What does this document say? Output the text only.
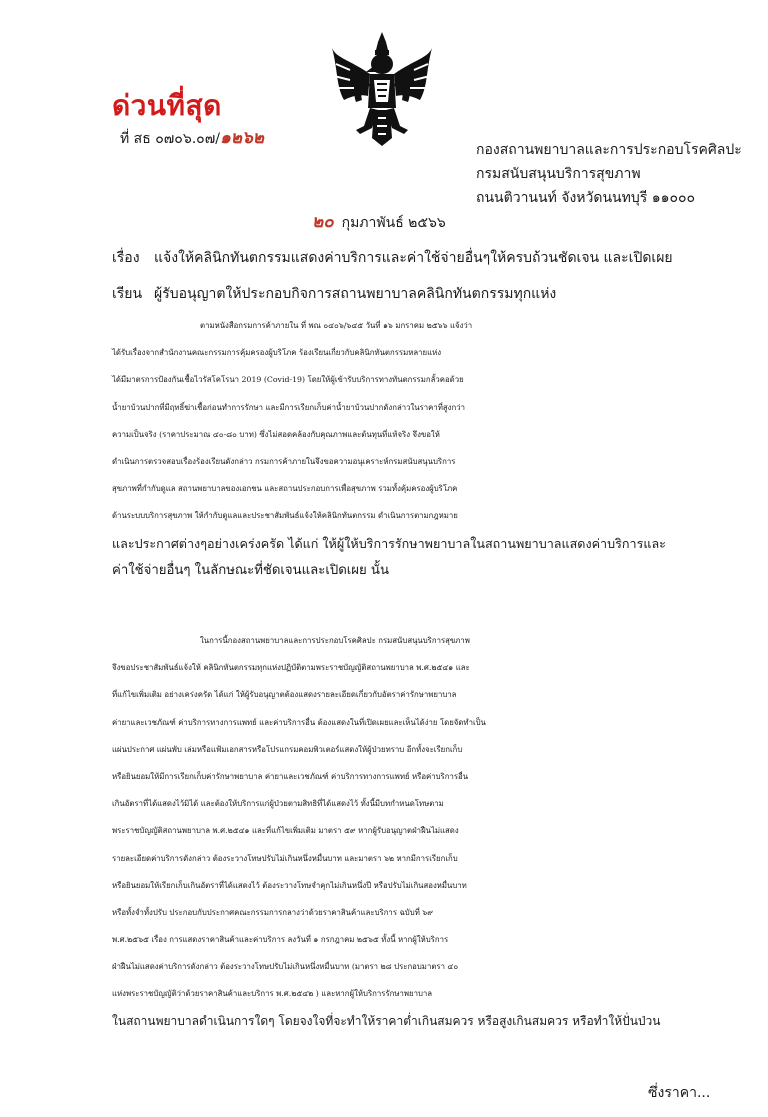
ด่วนที่สุด
ที่ สธ ๐๗๐๖.๐๗/๑๒๖๒
กองสถานพยาบาลและการประกอบโรคศิลปะ
กรมสนับสนุนบริการสุขภาพ
ถนนติวานนท์ จังหวัดนนทบุรี ๑๑๐๐๐
๒๐ กุมภาพันธ์ ๒๕๖๖
เรื่อง แจ้งให้คลินิกทันตกรรมแสดงค่าบริการและค่าใช้จ่ายอื่นๆให้ครบถ้วนชัดเจน และเปิดเผย
เรียน ผู้รับอนุญาตให้ประกอบกิจการสถานพยาบาลคลินิกทันตกรรมทุกแห่ง
ตามหนังสือกรมการค้าภายใน ที่ พณ ๐๔๐๖/๖๔๕ วันที่ ๑๖ มกราคม ๒๕๖๖ แจ้งว่า
ได้รับเรื่องจากสำนักงานคณะกรรมการคุ้มครองผู้บริโภค ร้องเรียนเกี่ยวกับคลินิกทันตกรรมหลายแห่ง
ได้มีมาตรการป้องกันเชื้อไวรัสโคโรนา 2019 (Covid-19) โดยให้ผู้เข้ารับบริการทางทันตกรรมกลั้วคอด้วย
น้ำยาบ้วนปากที่มีฤทธิ์ฆ่าเชื้อก่อนทำการรักษา และมีการเรียกเก็บค่าน้ำยาบ้วนปากดังกล่าวในราคาที่สูงกว่า
ความเป็นจริง (ราคาประมาณ ๔๐-๘๐ บาท) ซึ่งไม่สอดคล้องกับคุณภาพและต้นทุนที่แท้จริง จึงขอให้
ดำเนินการตรวจสอบเรื่องร้องเรียนดังกล่าว กรมการค้าภายในจึงขอความอนุเคราะห์กรมสนับสนุนบริการ
สุขภาพที่กำกับดูแล สถานพยาบาลของเอกชน และสถานประกอบการเพื่อสุขภาพ รวมทั้งคุ้มครองผู้บริโภค
ด้านระบบบริการสุขภาพ ให้กำกับดูแลและประชาสัมพันธ์แจ้งให้คลินิกทันตกรรม ดำเนินการตามกฎหมาย
และประกาศต่างๆอย่างเคร่งครัด ได้แก่ ให้ผู้ให้บริการรักษาพยาบาลในสถานพยาบาลแสดงค่าบริการและ
ค่าใช้จ่ายอื่นๆ ในลักษณะที่ชัดเจนและเปิดเผย นั้น
ในการนี้กองสถานพยาบาลและการประกอบโรคศิลปะ กรมสนับสนุนบริการสุขภาพ
จึงขอประชาสัมพันธ์แจ้งให้ คลินิกทันตกรรมทุกแห่งปฏิบัติตามพระราชบัญญัติสถานพยาบาล พ.ศ.๒๕๔๑ และ
ที่แก้ไขเพิ่มเติม อย่างเคร่งครัด ได้แก่ ให้ผู้รับอนุญาตต้องแสดงรายละเอียดเกี่ยวกับอัตราค่ารักษาพยาบาล
ค่ายาและเวชภัณฑ์ ค่าบริการทางการแพทย์ และค่าบริการอื่น ต้องแสดงในที่เปิดเผยและเห็นได้ง่าย โดยจัดทำเป็น
แผ่นประกาศ แผ่นพับ เล่มหรือแฟ้มเอกสารหรือโปรแกรมคอมพิวเตอร์แสดงให้ผู้ป่วยทราบ อีกทั้งจะเรียกเก็บ
หรือยินยอมให้มีการเรียกเก็บค่ารักษาพยาบาล ค่ายาและเวชภัณฑ์ ค่าบริการทางการแพทย์ หรือค่าบริการอื่น
เกินอัตราที่ได้แสดงไว้มิได้ และต้องให้บริการแก่ผู้ป่วยตามสิทธิที่ได้แสดงไว้ ทั้งนี้มีบทกำหนดโทษตาม
พระราชบัญญัติสถานพยาบาล พ.ศ.๒๕๔๑ และที่แก้ไขเพิ่มเติม มาตรา ๕๙ หากผู้รับอนุญาตฝ่าฝืนไม่แสดง
รายละเอียดค่าบริการดังกล่าว ต้องระวางโทษปรับไม่เกินหนึ่งหมื่นบาท และมาตรา ๖๒ หากมีการเรียกเก็บ
หรือยินยอมให้เรียกเก็บเกินอัตราที่ได้แสดงไว้ ต้องระวางโทษจำคุกไม่เกินหนึ่งปี หรือปรับไม่เกินสองหมื่นบาท
หรือทั้งจำทั้งปรับ ประกอบกับประกาศคณะกรรมการกลางว่าด้วยราคาสินค้าและบริการ ฉบับที่ ๖๙
พ.ศ.๒๕๖๕ เรื่อง การแสดงราคาสินค้าและค่าบริการ ลงวันที่ ๑ กรกฎาคม ๒๕๖๕ ทั้งนี้ หากผู้ให้บริการ
ฝ่าฝืนไม่แสดงค่าบริการดังกล่าว ต้องระวางโทษปรับไม่เกินหนึ่งหมื่นบาท (มาตรา ๒๘ ประกอบมาตรา ๔๐
แห่งพระราชบัญญัติว่าด้วยราคาสินค้าและบริการ พ.ศ.๒๕๔๒ ) และหากผู้ให้บริการรักษาพยาบาล
ในสถานพยาบาลดำเนินการใดๆ โดยจงใจที่จะทำให้ราคาต่ำเกินสมควร หรือสูงเกินสมควร หรือทำให้ปั่นป่วน
ซึ่งราคา...
